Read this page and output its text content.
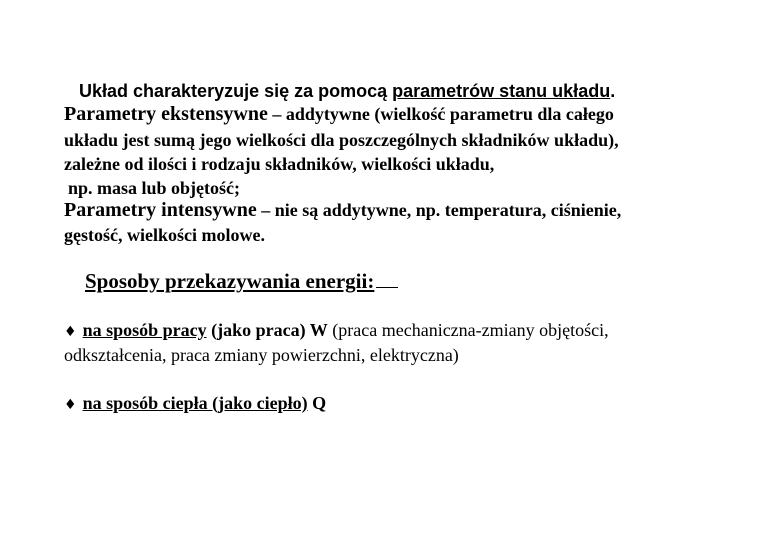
Układ charakteryzuje się za pomocą parametrów stanu układu.
Parametry ekstensywne – addytywne (wielkość parametru dla całego
układu jest sumą jego wielkości dla poszczególnych składników układu),
zależne od ilości i rodzaju składników, wielkości układu,
np. masa lub objętość;
Parametry intensywne – nie są addytywne, np. temperatura, ciśnienie,
gęstość, wielkości molowe.
Sposoby przekazywania energii:
♦ na sposób pracy (jako praca) W (praca mechaniczna-zmiany objętości,
odkształcenia, praca zmiany powierzchni, elektryczna)
♦ na sposób ciepła (jako ciepło) Q
